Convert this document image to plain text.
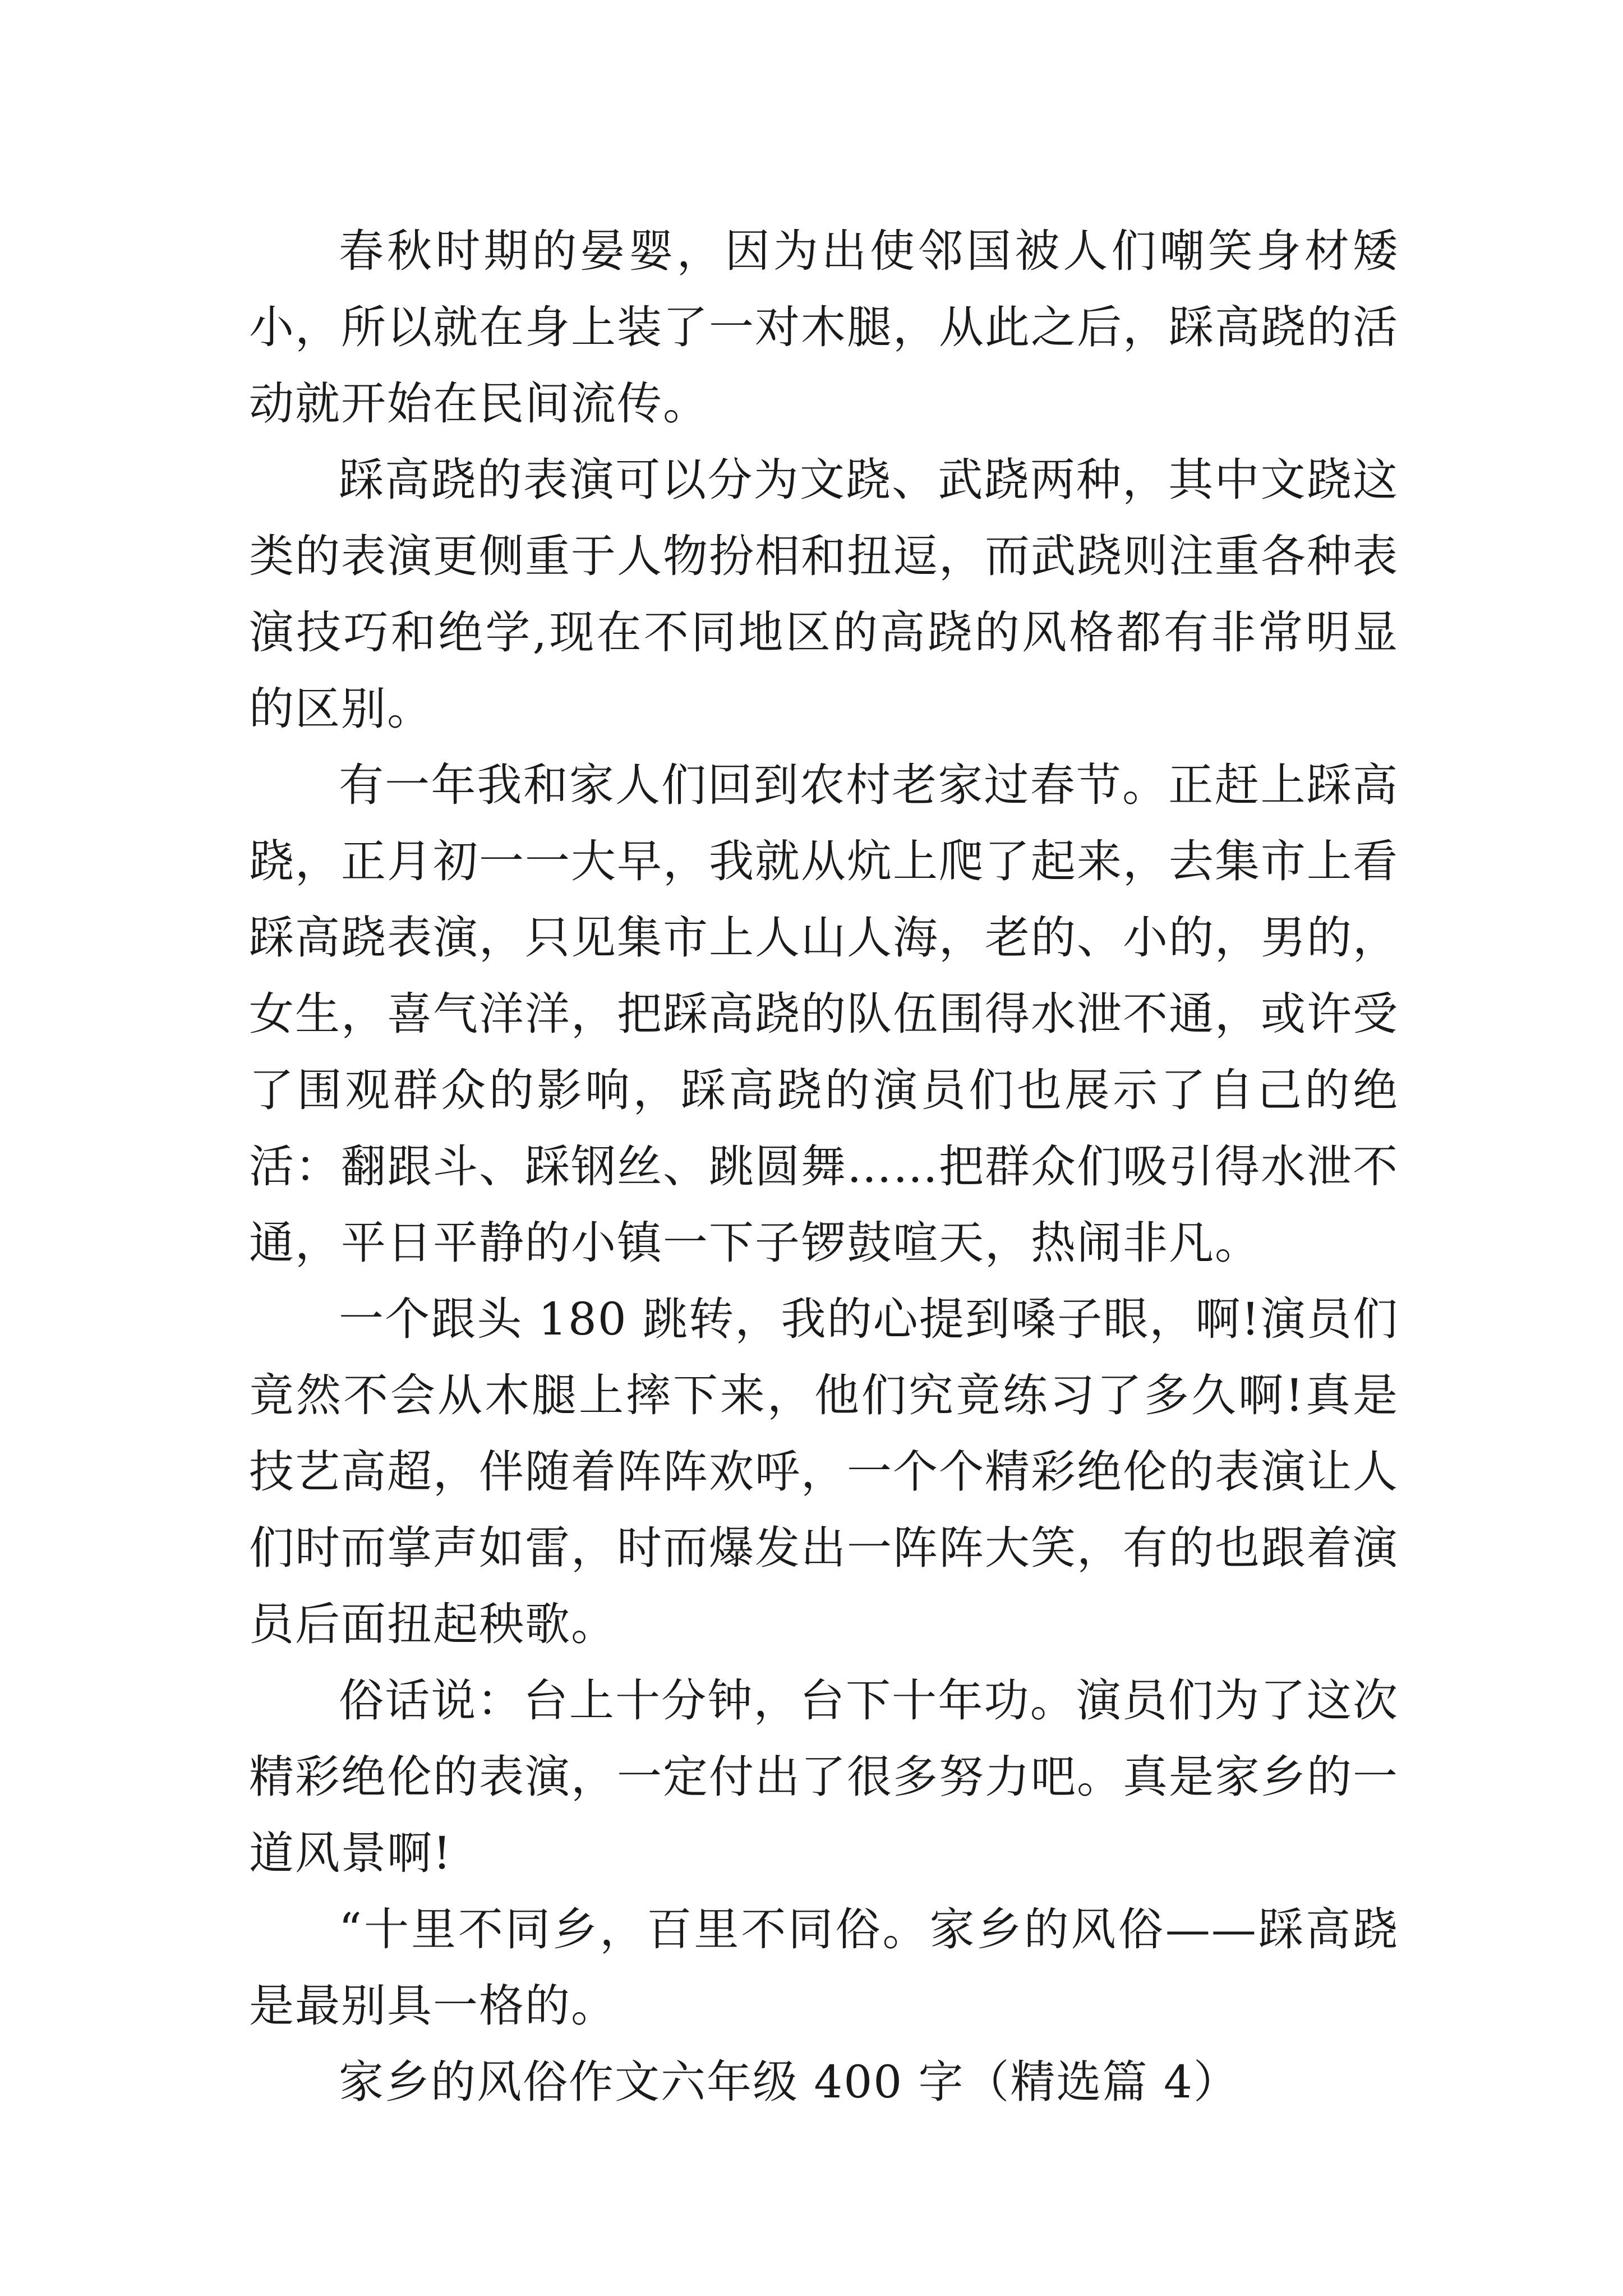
春秋时期的晏婴，因为出使邻国被人们嘲笑身材矮小，所以就在身上装了一对木腿，从此之后，踩高跷的活动就开始在民间流传。

踩高跷的表演可以分为文跷、武跷两种，其中文跷这类的表演更侧重于人物扮相和扭逗，而武跷则注重各种表演技巧和绝学,现在不同地区的高跷的风格都有非常明显的区别。

有一年我和家人们回到农村老家过春节。正赶上踩高跷，正月初一一大早，我就从炕上爬了起来，去集市上看踩高跷表演，只见集市上人山人海，老的、小的，男的，女生，喜气洋洋，把踩高跷的队伍围得水泄不通，或许受了围观群众的影响，踩高跷的演员们也展示了自己的绝活：翻跟斗、踩钢丝、跳圆舞……把群众们吸引得水泄不通，平日平静的小镇一下子锣鼓喧天，热闹非凡。

一个跟头 180 跳转，我的心提到嗓子眼，啊!演员们竟然不会从木腿上摔下来，他们究竟练习了多久啊!真是技艺高超，伴随着阵阵欢呼，一个个精彩绝伦的表演让人们时而掌声如雷，时而爆发出一阵阵大笑，有的也跟着演员后面扭起秧歌。

俗话说：台上十分钟，台下十年功。演员们为了这次精彩绝伦的表演，一定付出了很多努力吧。真是家乡的一道风景啊!

“十里不同乡，百里不同俗。家乡的风俗——踩高跷是最别具一格的。

家乡的风俗作文六年级 400 字（精选篇 4）
